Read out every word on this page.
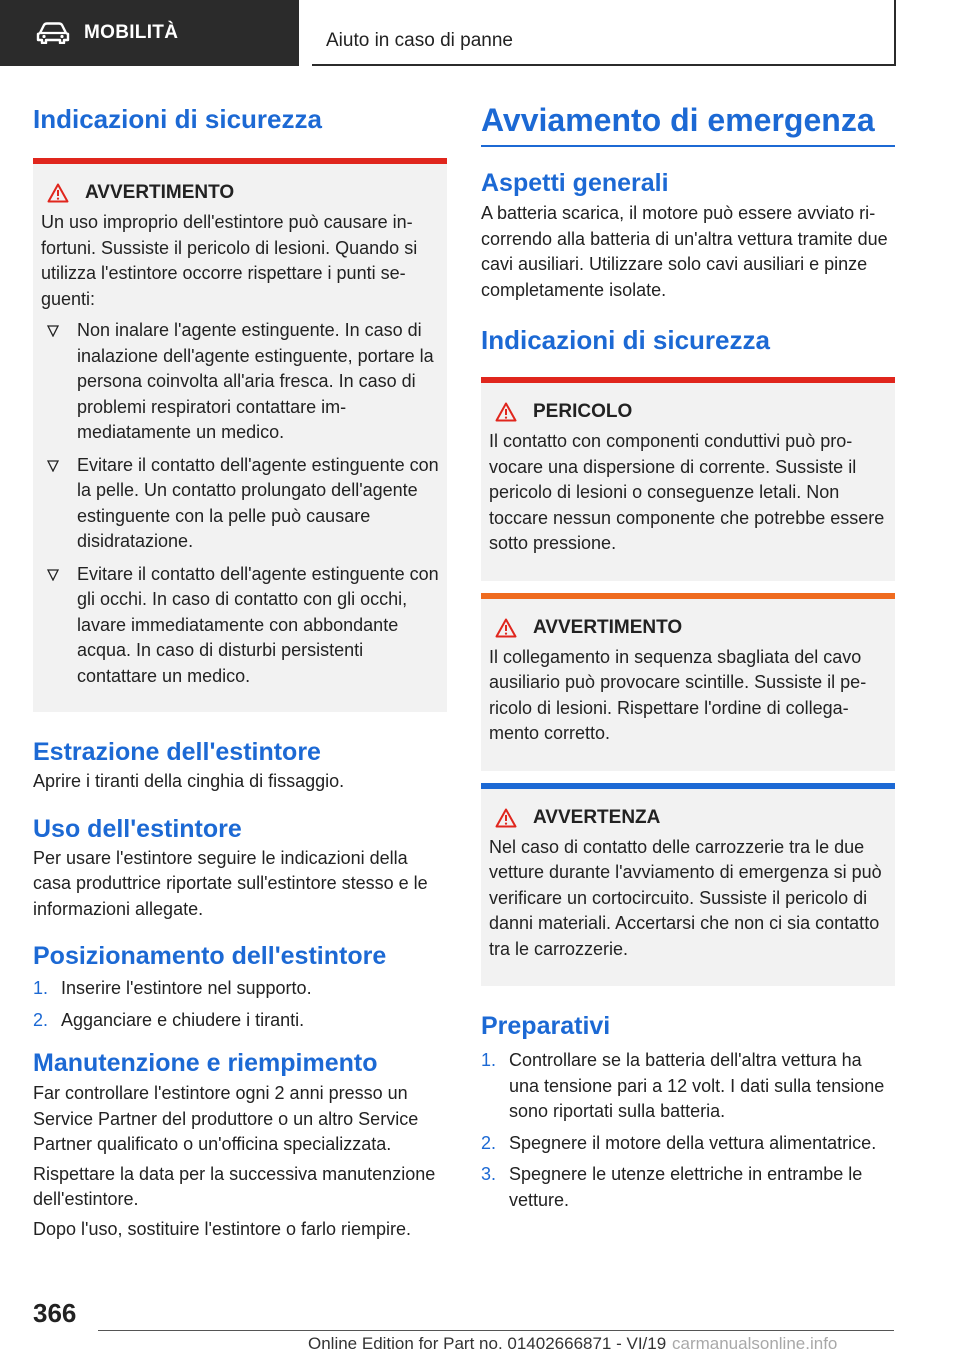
MOBILITÀ	Aiuto in caso di panne
Indicazioni di sicurezza
AVVERTIMENTO

Un uso improprio dell'estintore può causare infortuni. Sussiste il pericolo di lesioni. Quando si utilizza l'estintore occorre rispettare i punti seguenti:

Non inalare l'agente estinguente. In caso di inalazione dell'agente estinguente, portare la persona coinvolta all'aria fresca. In caso di problemi respiratori contattare immediatamente un medico.
Evitare il contatto dell'agente estinguente con la pelle. Un contatto prolungato dell'agente estinguente con la pelle può causare disidratazione.
Evitare il contatto dell'agente estinguente con gli occhi. In caso di contatto con gli occhi, lavare immediatamente con abbondante acqua. In caso di disturbi persistenti contattare un medico.
Estrazione dell'estintore

Aprire i tiranti della cinghia di fissaggio.

Uso dell'estintore

Per usare l'estintore seguire le indicazioni della casa produttrice riportate sull'estintore stesso e le informazioni allegate.

Posizionamento dell'estintore
1. Inserire l'estintore nel supporto.
2. Agganciare e chiudere i tiranti.
Manutenzione e riempimento

Far controllare l'estintore ogni 2 anni presso un Service Partner del produttore o un altro Service Partner qualificato o un'officina specializzata.

Rispettare la data per la successiva manutenzione dell'estintore.

Dopo l'uso, sostituire l'estintore o farlo riempire.

Avviamento di emergenza
Aspetti generali

A batteria scarica, il motore può essere avviato ricorrendo alla batteria di un'altra vettura tramite due cavi ausiliari. Utilizzare solo cavi ausiliari e pinze completamente isolate.

Indicazioni di sicurezza
PERICOLO

Il contatto con componenti conduttivi può provocare una dispersione di corrente. Sussiste il pericolo di lesioni o conseguenze letali. Non toccare nessun componente che potrebbe essere sotto pressione.

AVVERTIMENTO

Il collegamento in sequenza sbagliata del cavo ausiliario può provocare scintille. Sussiste il pericolo di lesioni. Rispettare l'ordine di collegamento corretto.

AVVERTENZA

Nel caso di contatto delle carrozzerie tra le due vetture durante l'avviamento di emergenza si può verificare un cortocircuito. Sussiste il pericolo di danni materiali. Accertarsi che non ci sia contatto tra le carrozzerie.

Preparativi
1. Controllare se la batteria dell'altra vettura ha una tensione pari a 12 volt. I dati sulla tensione sono riportati sulla batteria.
2. Spegnere il motore della vettura alimentatrice.
3. Spegnere le utenze elettriche in entrambe le vetture.
366
Online Edition for Part no. 01402666871 - VI/19 carmanualsonline.info
